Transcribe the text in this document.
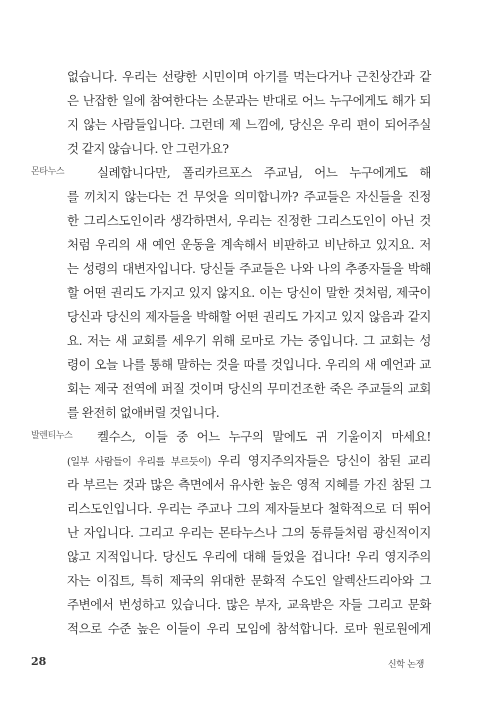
없습니다. 우리는 선량한 시민이며 아기를 먹는다거나 근친상간과 같
은 난잡한 일에 참여한다는 소문과는 반대로 어느 누구에게도 해가 되
지 않는 사람들입니다. 그런데 제 느낌에, 당신은 우리 편이 되어주실
것 같지 않습니다. 안 그런가요?
몬타누스	실례합니다만, 폴리카르포스 주교님, 어느 누구에게도 해
를 끼치지 않는다는 건 무엇을 의미합니까? 주교들은 자신들을 진정
한 그리스도인이라 생각하면서, 우리는 진정한 그리스도인이 아닌 것
처럼 우리의 새 예언 운동을 계속해서 비판하고 비난하고 있지요. 저
는 성령의 대변자입니다. 당신들 주교들은 나와 나의 추종자들을 박해
할 어떤 권리도 가지고 있지 않지요. 이는 당신이 말한 것처럼, 제국이
당신과 당신의 제자들을 박해할 어떤 권리도 가지고 있지 않음과 같지
요. 저는 새 교회를 세우기 위해 로마로 가는 중입니다. 그 교회는 성
령이 오늘 나를 통해 말하는 것을 따를 것입니다. 우리의 새 예언과 교
회는 제국 전역에 퍼질 것이며 당신의 무미건조한 죽은 주교들의 교회
를 완전히 없애버릴 것입니다.
발렌티누스 켈수스, 이들 중 어느 누구의 말에도 귀 기울이지 마세요!
(일부 사람들이 우리를 부르듯이) 우리 영지주의자들은 당신이 참된 교리
라 부르는 것과 많은 측면에서 유사한 높은 영적 지혜를 가진 참된 그
리스도인입니다. 우리는 주교나 그의 제자들보다 철학적으로 더 뛰어
난 자입니다. 그리고 우리는 몬타누스나 그의 동류들처럼 광신적이지
않고 지적입니다. 당신도 우리에 대해 들었을 겁니다! 우리 영지주의
자는 이집트, 특히 제국의 위대한 문화적 수도인 알렉산드리아와 그
주변에서 번성하고 있습니다. 많은 부자, 교육받은 자들 그리고 문화
적으로 수준 높은 이들이 우리 모임에 참석합니다. 로마 원로원에게
28	신학 논쟁
